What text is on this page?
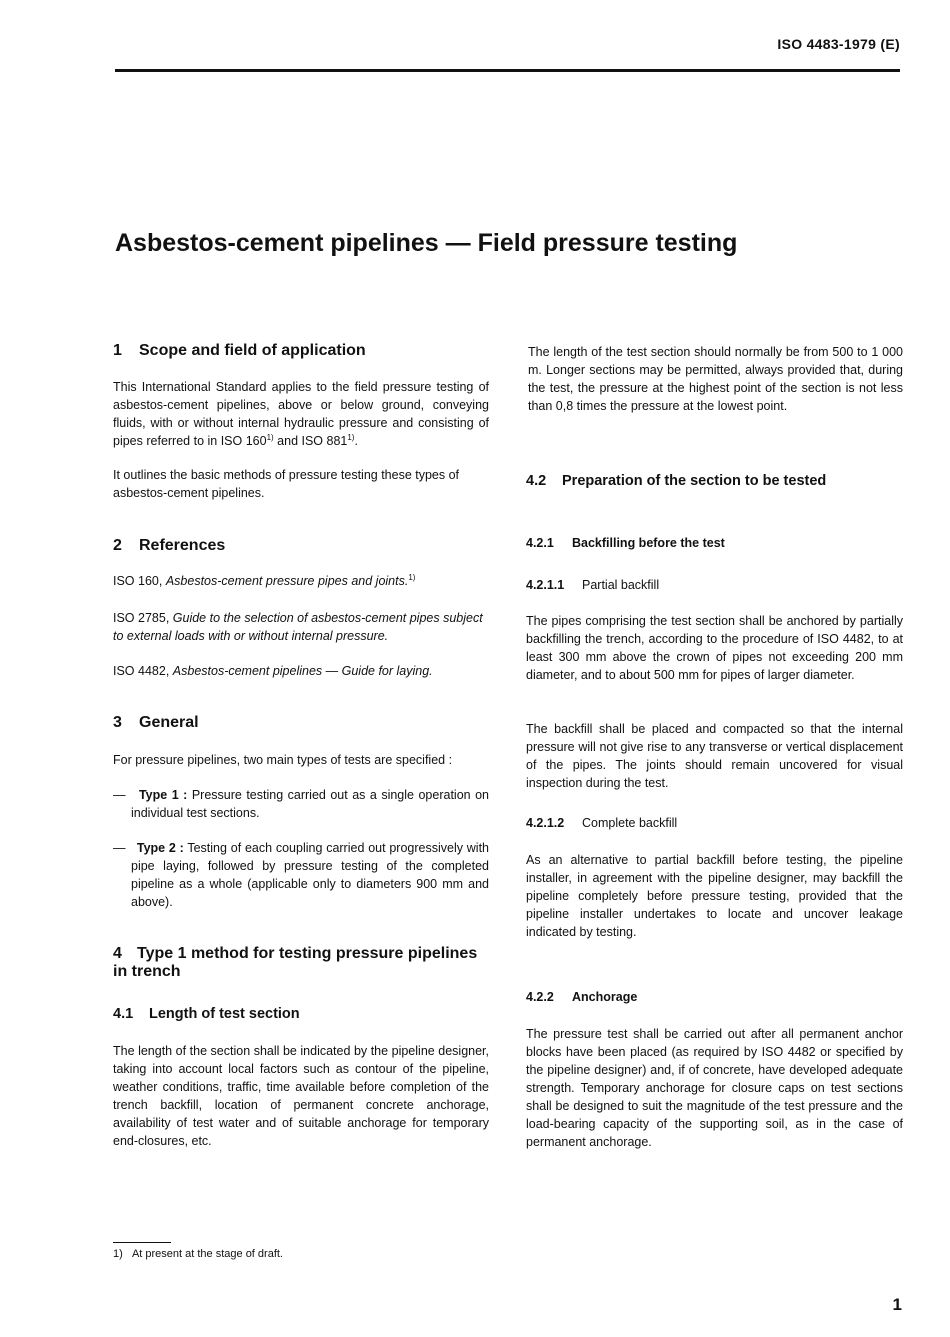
ISO 4483-1979 (E)
Asbestos-cement pipelines — Field pressure testing
1 Scope and field of application

This International Standard applies to the field pressure testing of asbestos-cement pipelines, above or below ground, conveying fluids, with or without internal hydraulic pressure and consisting of pipes referred to in ISO 160$^{1)}$ and ISO 881$^{1)}$.

It outlines the basic methods of pressure testing these types of asbestos-cement pipelines.

2 References

ISO 160, Asbestos-cement pressure pipes and joints.$^{1)}$

ISO 2785, Guide to the selection of asbestos-cement pipes subject to external loads with or without internal pressure.

ISO 4482, Asbestos-cement pipelines — Guide for laying.

3 General

For pressure pipelines, two main types of tests are specified :

— Type 1 : Pressure testing carried out as a single operation on individual test sections.

— Type 2 : Testing of each coupling carried out progressively with pipe laying, followed by pressure testing of the completed pipeline as a whole (applicable only to diameters 900 mm and above).

4 Type 1 method for testing pressure pipelines in trench
4.1 Length of test section

The length of the section shall be indicated by the pipeline designer, taking into account local factors such as contour of the pipeline, weather conditions, traffic, time available before completion of the trench backfill, location of permanent concrete anchorage, availability of test water and of suitable anchorage for temporary end-closures, etc.

The length of the test section should normally be from 500 to 1 000 m. Longer sections may be permitted, always provided that, during the test, the pressure at the highest point of the section is not less than 0,8 times the pressure at the lowest point.

4.2 Preparation of the section to be tested
4.2.1 Backfilling before the test
4.2.1.1 Partial backfill

The pipes comprising the test section shall be anchored by partially backfilling the trench, according to the procedure of ISO 4482, to at least 300 mm above the crown of pipes not exceeding 200 mm diameter, and to about 500 mm for pipes of larger diameter.

The backfill shall be placed and compacted so that the internal pressure will not give rise to any transverse or vertical displacement of the pipes. The joints should remain uncovered for visual inspection during the test.

4.2.1.2 Complete backfill

As an alternative to partial backfill before testing, the pipeline installer, in agreement with the pipeline designer, may backfill the pipeline completely before pressure testing, provided that the pipeline installer undertakes to locate and uncover leakage indicated by testing.

4.2.2 Anchorage

The pressure test shall be carried out after all permanent anchor blocks have been placed (as required by ISO 4482 or specified by the pipeline designer) and, if of concrete, have developed adequate strength. Temporary anchorage for closure caps on test sections shall be designed to suit the magnitude of the test pressure and the load-bearing capacity of the supporting soil, as in the case of permanent anchorage.

1) At present at the stage of draft.
1
